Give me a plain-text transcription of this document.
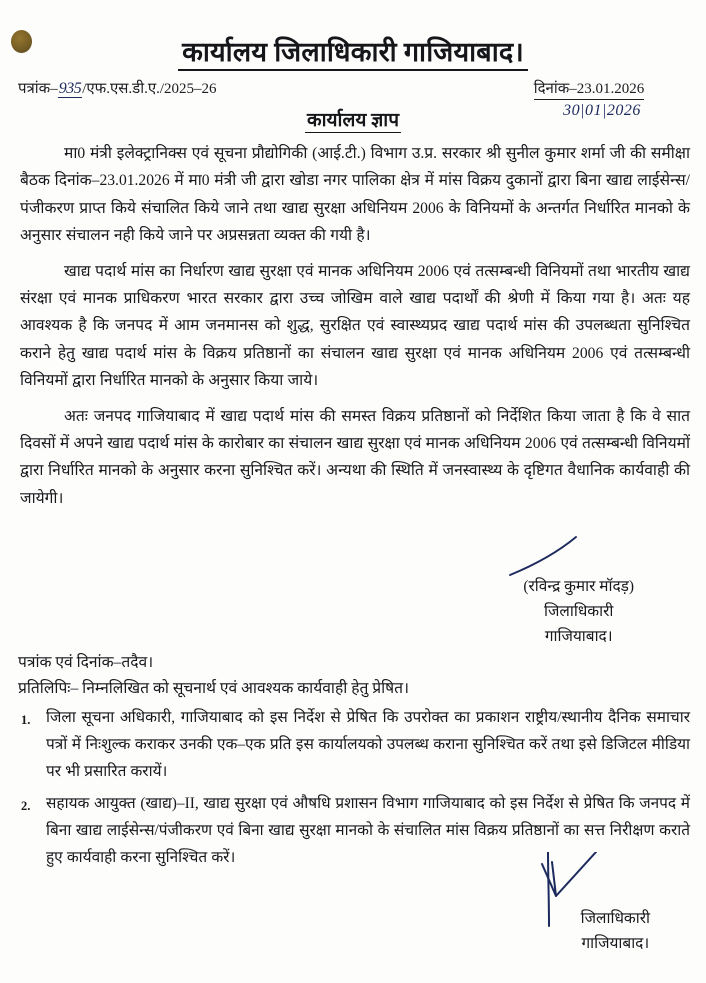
कार्यालय जिलाधिकारी गाजियाबाद।
पत्रांक–935/एफ.एस.डी.ए./2025–26	दिनांक–23.01.2026
30|01|2026
कार्यालय ज्ञाप

मा0 मंत्री इलेक्ट्रानिक्स एवं सूचना प्रौद्योगिकी (आई.टी.) विभाग उ.प्र. सरकार श्री सुनील कुमार शर्मा जी की समीक्षा बैठक दिनांक–23.01.2026 में मा0 मंत्री जी द्वारा खोडा नगर पालिका क्षेत्र में मांस विक्रय दुकानों द्वारा बिना खाद्य लाईसेन्स/पंजीकरण प्राप्त किये संचालित किये जाने तथा खाद्य सुरक्षा अधिनियम 2006 के विनियमों के अन्तर्गत निर्धारित मानको के अनुसार संचालन नही किये जाने पर अप्रसन्नता व्यक्त की गयी है।

खाद्य पदार्थ मांस का निर्धारण खाद्य सुरक्षा एवं मानक अधिनियम 2006 एवं तत्सम्बन्धी विनियमों तथा भारतीय खाद्य संरक्षा एवं मानक प्राधिकरण भारत सरकार द्वारा उच्च जोखिम वाले खाद्य पदार्थों की श्रेणी में किया गया है। अतः यह आवश्यक है कि जनपद में आम जनमानस को शुद्ध, सुरक्षित एवं स्वास्थ्यप्रद खाद्य पदार्थ मांस की उपलब्धता सुनिश्चित कराने हेतु खाद्य पदार्थ मांस के विक्रय प्रतिष्ठानों का संचालन खाद्य सुरक्षा एवं मानक अधिनियम 2006 एवं तत्सम्बन्धी विनियमों द्वारा निर्धारित मानको के अनुसार किया जाये।

अतः जनपद गाजियाबाद में खाद्य पदार्थ मांस की समस्त विक्रय प्रतिष्ठानों को निर्देशित किया जाता है कि वे सात दिवसों में अपने खाद्य पदार्थ मांस के कारोबार का संचालन खाद्य सुरक्षा एवं मानक अधिनियम 2006 एवं तत्सम्बन्धी विनियमों द्वारा निर्धारित मानको के अनुसार करना सुनिश्चित करें। अन्यथा की स्थिति में जनस्वास्थ्य के दृष्टिगत वैधानिक कार्यवाही की जायेगी।

(रविन्द्र कुमार मॉदड़)
जिलाधिकारी
गाजियाबाद।
पत्रांक एवं दिनांक–तदैव।
प्रतिलिपिः– निम्नलिखित को सूचनार्थ एवं आवश्यक कार्यवाही हेतु प्रेषित।
जिला सूचना अधिकारी, गाजियाबाद को इस निर्देश से प्रेषित कि उपरोक्त का प्रकाशन राष्ट्रीय/स्थानीय दैनिक समाचार पत्रों में निःशुल्क कराकर उनकी एक–एक प्रति इस कार्यालयको उपलब्ध कराना सुनिश्चित करें तथा इसे डिजिटल मीडिया पर भी प्रसारित करायें।
सहायक आयुक्त (खाद्य)–II, खाद्य सुरक्षा एवं औषधि प्रशासन विभाग गाजियाबाद को इस निर्देश से प्रेषित कि जनपद में बिना खाद्य लाईसेन्स/पंजीकरण एवं बिना खाद्य सुरक्षा मानको के संचालित मांस विक्रय प्रतिष्ठानों का सत्त निरीक्षण कराते हुए कार्यवाही करना सुनिश्चित करें।
जिलाधिकारी
गाजियाबाद।
